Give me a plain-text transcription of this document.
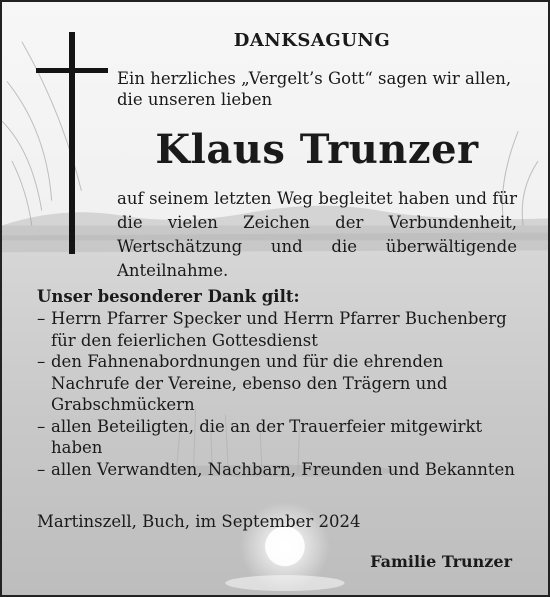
DANKSAGUNG
Ein herzliches „Vergelt’s Gott“ sagen wir allen,
die unseren lieben
Klaus Trunzer
auf seinem letzten Weg begleitet haben und für die vielen Zeichen der Verbundenheit, Wertschätzung und die überwältigende Anteilnahme.
Unser besonderer Dank gilt:
– Herrn Pfarrer Specker und Herrn Pfarrer Buchenberg für den feierlichen Gottesdienst
– den Fahnenabordnungen und für die ehrenden Nachrufe der Vereine, ebenso den Trägern und Grabschmückern
– allen Beteiligten, die an der Trauerfeier mitgewirkt haben
– allen Verwandten, Nachbarn, Freunden und Bekannten
Martinszell, Buch, im September 2024
Familie Trunzer
